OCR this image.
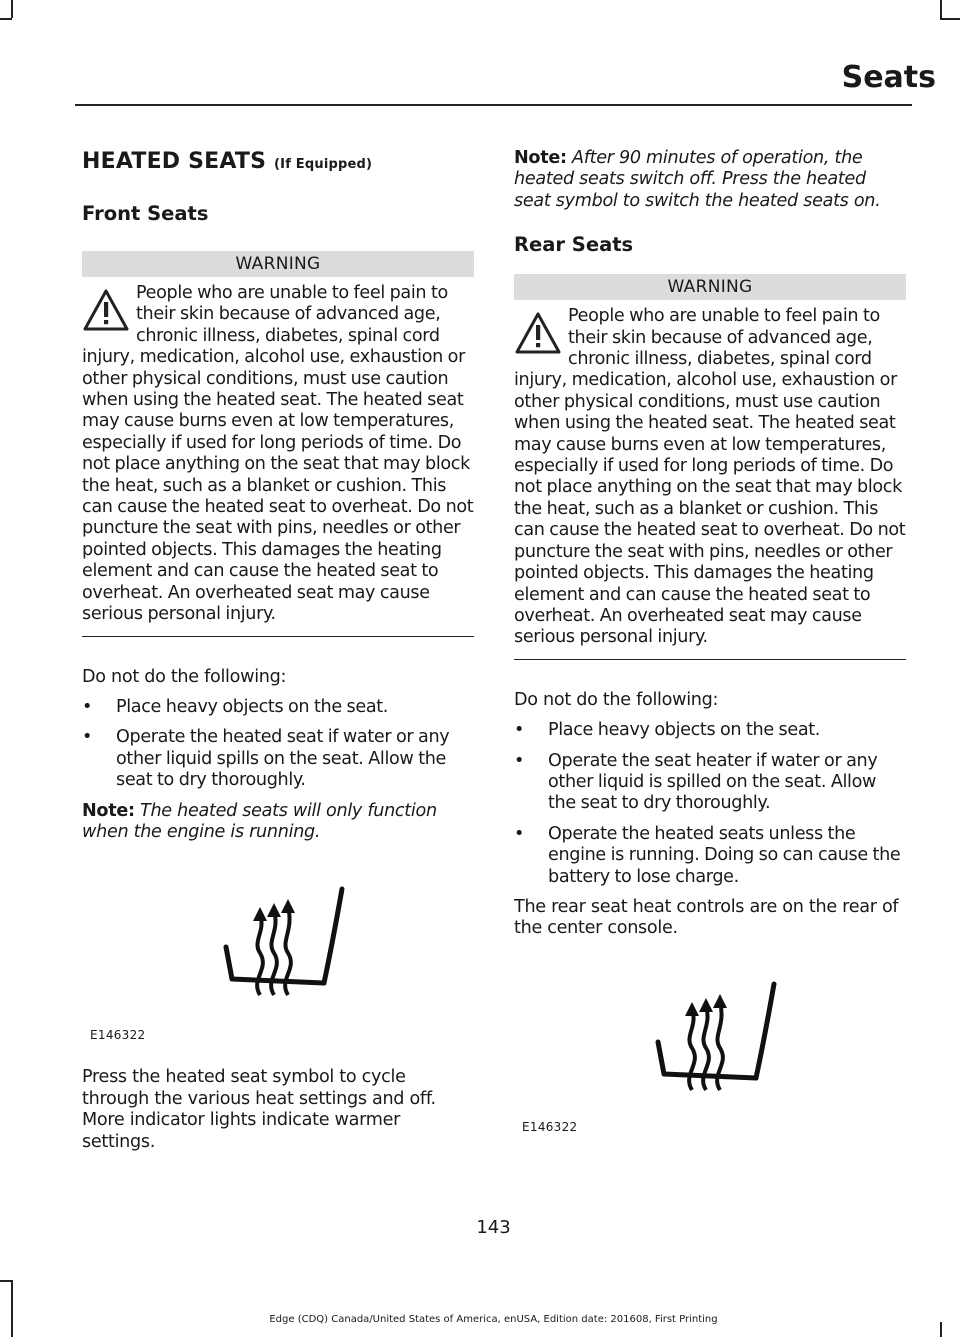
Seats
HEATED SEATS (If Equipped)
Front Seats
WARNING
People who are unable to feel pain to their skin because of advanced age, chronic illness, diabetes, spinal cord injury, medication, alcohol use, exhaustion or other physical conditions, must use caution when using the heated seat. The heated seat may cause burns even at low temperatures, especially if used for long periods of time. Do not place anything on the seat that may block the heat, such as a blanket or cushion. This can cause the heated seat to overheat. Do not puncture the seat with pins, needles or other pointed objects. This damages the heating element and can cause the heated seat to overheat. An overheated seat may cause serious personal injury.

Do not do the following:

•	Place heavy objects on the seat.
•	Operate the heated seat if water or any other liquid spills on the seat. Allow the seat to dry thoroughly.

Note: The heated seats will only function when the engine is running.

E146322

Press the heated seat symbol to cycle through the various heat settings and off. More indicator lights indicate warmer settings.

Note: After 90 minutes of operation, the heated seats switch off. Press the heated seat symbol to switch the heated seats on.

Rear Seats
WARNING
People who are unable to feel pain to their skin because of advanced age, chronic illness, diabetes, spinal cord injury, medication, alcohol use, exhaustion or other physical conditions, must use caution when using the heated seat. The heated seat may cause burns even at low temperatures, especially if used for long periods of time. Do not place anything on the seat that may block the heat, such as a blanket or cushion. This can cause the heated seat to overheat. Do not puncture the seat with pins, needles or other pointed objects. This damages the heating element and can cause the heated seat to overheat. An overheated seat may cause serious personal injury.

Do not do the following:

•	Place heavy objects on the seat.
•	Operate the seat heater if water or any other liquid is spilled on the seat. Allow the seat to dry thoroughly.
•	Operate the heated seats unless the engine is running. Doing so can cause the battery to lose charge.

The rear seat heat controls are on the rear of the center console.

E146322
143
Edge (CDQ) Canada/United States of America, enUSA, Edition date: 201608, First Printing
